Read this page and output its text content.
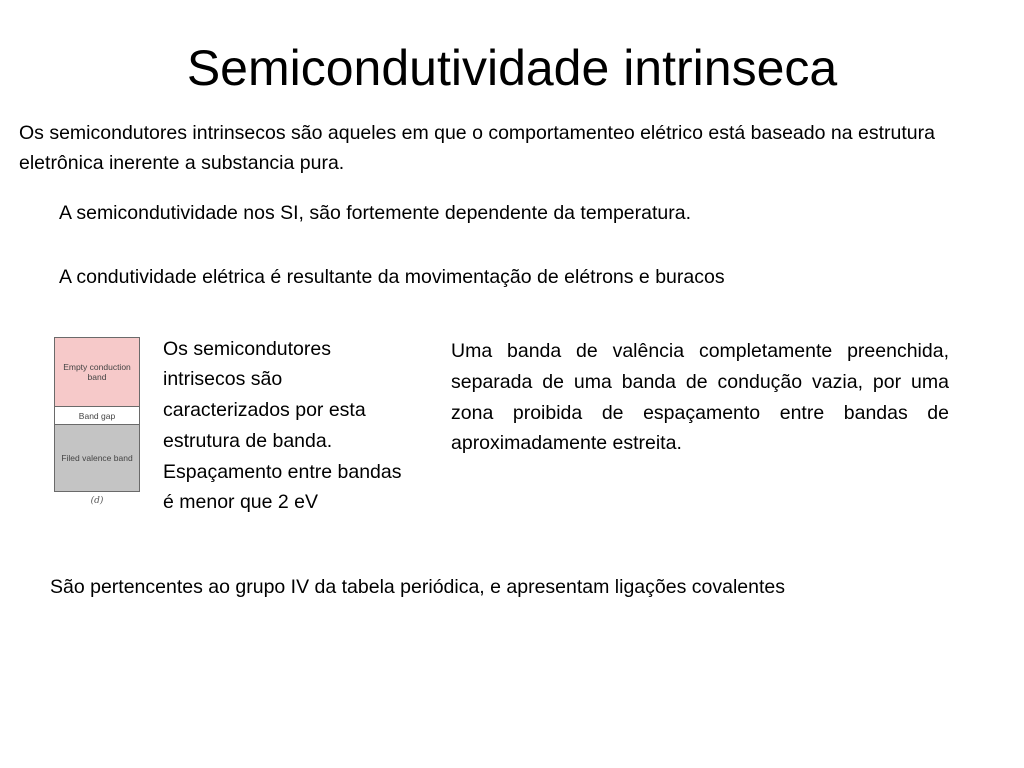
Semicondutividade intrinseca

Os semicondutores intrinsecos são aqueles em que o comportamenteo elétrico está baseado na estrutura eletrônica inerente a substancia pura.

A semicondutividade nos SI, são fortemente dependente da temperatura.

A condutividade elétrica é resultante da movimentação de elétrons e buracos

Empty conduction band
Band gap
Filed valence band
(d)

Os semicondutores intrisecos são caracterizados por esta estrutura de banda. Espaçamento entre bandas é menor que 2 eV

Uma banda de valência completamente preenchida, separada de uma banda de condução vazia, por uma zona proibida de espaçamento entre bandas de aproximadamente estreita.

São pertencentes ao grupo IV da tabela periódica, e apresentam ligações covalentes
